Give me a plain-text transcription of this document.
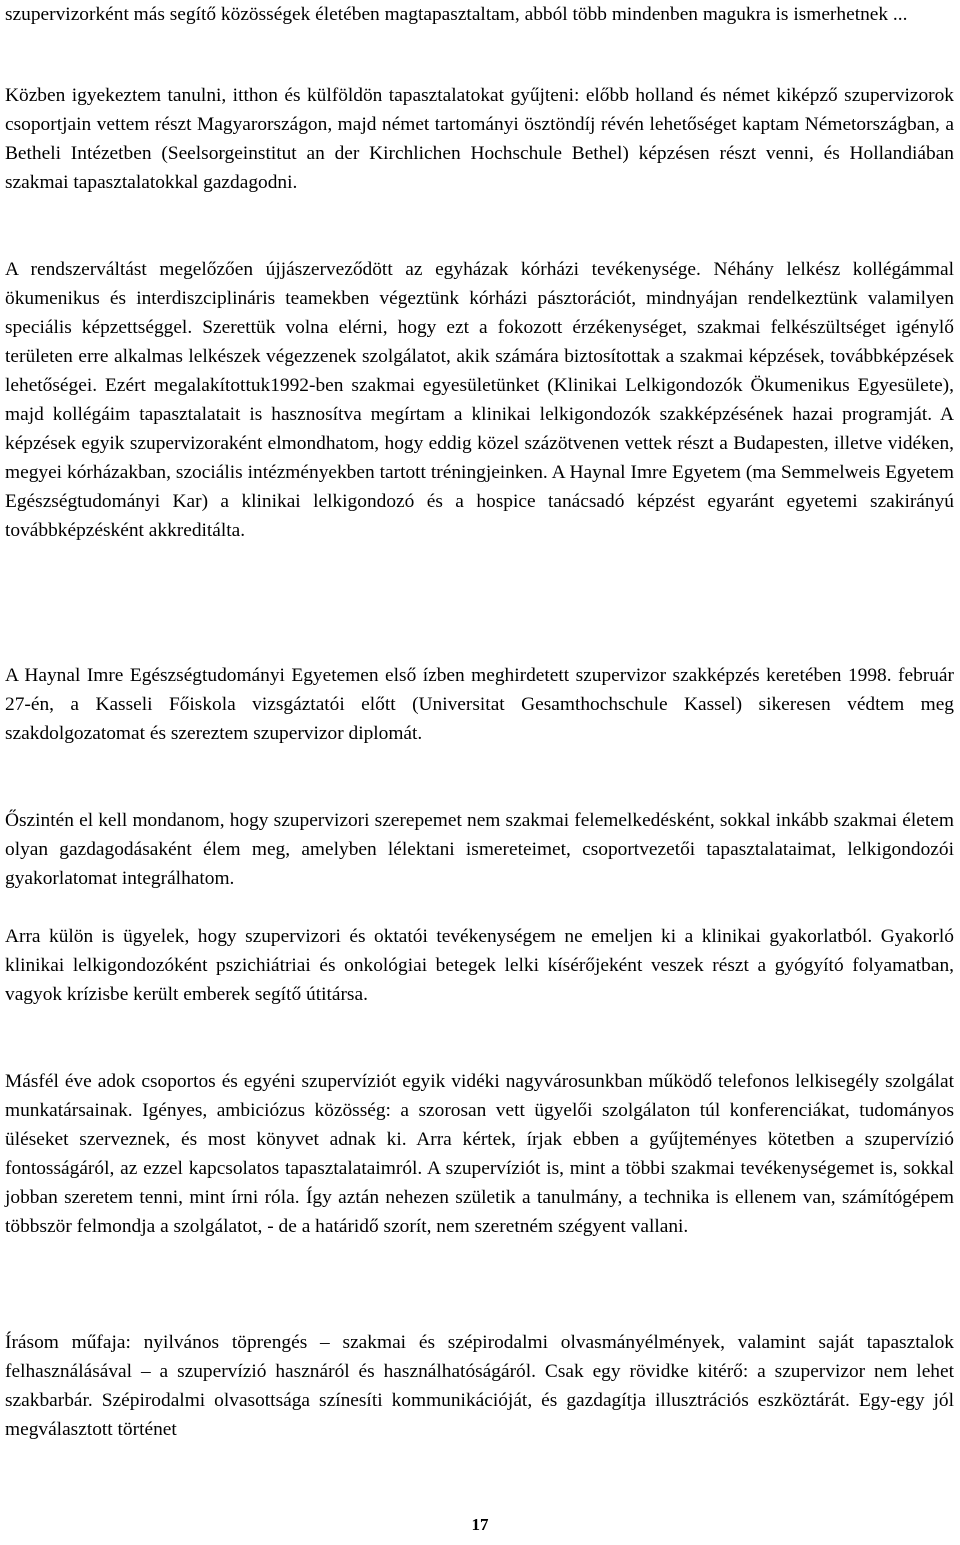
szupervizorként más segítő közösségek életében magtapasztaltam, abból több mindenben magukra is ismerhetnek ...

Közben igyekeztem tanulni, itthon és külföldön tapasztalatokat gyűjteni: előbb holland és német kiképző szupervizorok csoportjain vettem részt Magyarországon, majd német tartományi ösztöndíj révén lehetőséget kaptam Németországban, a Betheli Intézetben (Seelsorgeinstitut an der Kirchlichen Hochschule Bethel) képzésen részt venni, és Hollandiában szakmai tapasztalatokkal gazdagodni.

A rendszerváltást megelőzően újjászerveződött az egyházak kórházi tevékenysége. Néhány lelkész kollégámmal ökumenikus és interdiszciplináris teamekben végeztünk kórházi pásztorációt, mindnyájan rendelkeztünk valamilyen speciális képzettséggel. Szerettük volna elérni, hogy ezt a fokozott érzékenységet, szakmai felkészültséget igénylő területen erre alkalmas lelkészek végezzenek szolgálatot, akik számára biztosítottak a szakmai képzések, továbbképzések lehetőségei. Ezért megalakítottuk1992-ben szakmai egyesületünket (Klinikai Lelkigondozók Ökumenikus Egyesülete), majd kollégáim tapasztalatait is hasznosítva megírtam a klinikai lelkigondozók szakképzésének hazai programját. A képzések egyik szupervizoraként elmondhatom, hogy eddig közel százötvenen vettek részt a Budapesten, illetve vidéken, megyei kórházakban, szociális intézményekben tartott tréningjeinken. A Haynal Imre Egyetem (ma Semmelweis Egyetem Egészségtudományi Kar) a klinikai lelkigondozó és a hospice tanácsadó képzést egyaránt egyetemi szakirányú továbbképzésként akkreditálta.

A Haynal Imre Egészségtudományi Egyetemen első ízben meghirdetett szupervizor szakképzés keretében 1998. február 27-én, a Kasseli Főiskola vizsgáztatói előtt (Universitat Gesamthochschule Kassel) sikeresen védtem meg szakdolgozatomat és szereztem szupervizor diplomát.

Őszintén el kell mondanom, hogy szupervizori szerepemet nem szakmai felemelkedésként, sokkal inkább szakmai életem olyan gazdagodásaként élem meg, amelyben lélektani ismereteimet, csoportvezetői tapasztalataimat, lelkigondozói gyakorlatomat integrálhatom.

Arra külön is ügyelek, hogy szupervizori és oktatói tevékenységem ne emeljen ki a klinikai gyakorlatból. Gyakorló klinikai lelkigondozóként pszichiátriai és onkológiai betegek lelki kísérőjeként veszek részt a gyógyító folyamatban, vagyok krízisbe került emberek segítő útitársa.

Másfél éve adok csoportos és egyéni szupervíziót egyik vidéki nagyvárosunkban működő telefonos lelkisegély szolgálat munkatársainak. Igényes, ambiciózus közösség: a szorosan vett ügyelői szolgálaton túl konferenciákat, tudományos üléseket szerveznek, és most könyvet adnak ki. Arra kértek, írjak ebben a gyűjteményes kötetben a szupervízió fontosságáról, az ezzel kapcsolatos tapasztalataimról. A szupervíziót is, mint a többi szakmai tevékenységemet is, sokkal jobban szeretem tenni, mint írni róla. Így aztán nehezen születik a tanulmány, a technika is ellenem van, számítógépem többször felmondja a szolgálatot, - de a határidő szorít, nem szeretném szégyent vallani.

Írásom műfaja: nyilvános töprengés – szakmai és szépirodalmi olvasmányélmények, valamint saját tapasztalok felhasználásával – a szupervízió hasznáról és használhatóságáról. Csak egy rövidke kitérő: a szupervizor nem lehet szakbarbár. Szépirodalmi olvasottsága színesíti kommunikációját, és gazdagítja illusztrációs eszköztárát. Egy-egy jól megválasztott történet

17
